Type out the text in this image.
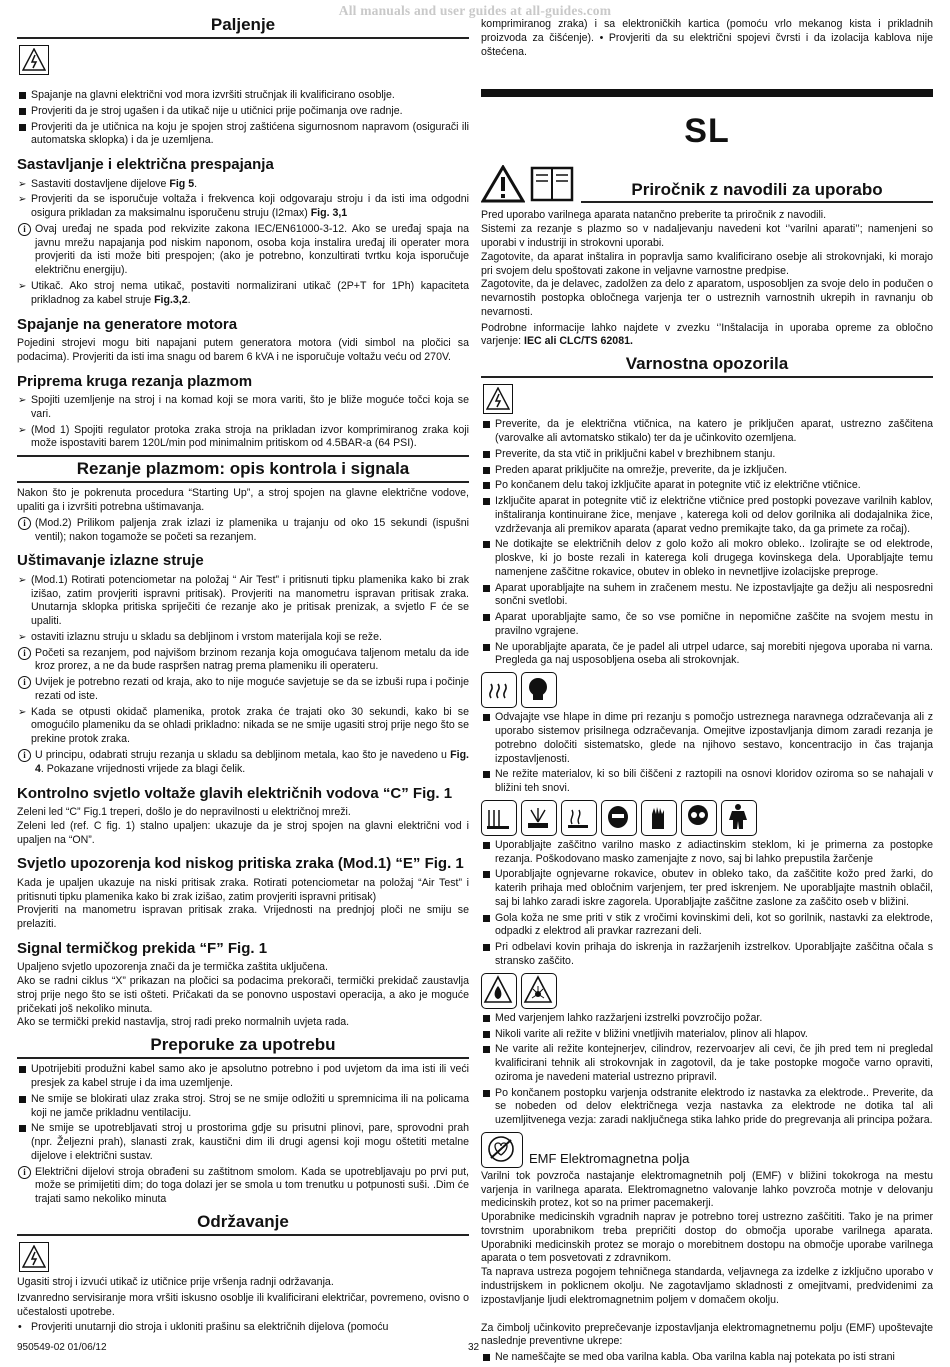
All manuals and user guides at all-guides.com
Paljenje
Spajanje na glavni električni vod mora izvršiti stručnjak ili kvalificirano osoblje.
Provjeriti da je stroj ugašen i da utikač nije u utičnici prije počimanja ove radnje.
Provjeriti da je utičnica na koju je spojen stroj zaštićena sigurnosnom napravom (osigurači ili automatska sklopka) i da je uzemljena.
Sastavljanje i električna prespajanja
➢
Sastaviti dostavljene dijelove Fig 5.
➢
Provjeriti da se isporučuje voltaža i frekvenca koji odgovaraju stroju i da isti ima odgodni osigura prikladan za maksimalnu isporučenu struju (I2max) Fig. 3,1
Ovaj uređaj ne spada pod rekvizite zakona IEC/EN61000-3-12. Ako se uređaj spaja na javnu mrežu napajanja pod niskim naponom, osoba koja instalira uređaj ili operater mora provjeriti da isti može biti prespojen; (ako je potrebno, konzultirati tvrtku koja isporučuje električnu energiju).
➢
Utikač. Ako stroj nema utikač, postaviti normalizirani utikač (2P+T for 1Ph) kapaciteta prikladnog za kabel struje Fig.3,2.
Spajanje na generatore motora
Pojedini strojevi mogu biti napajani putem generatora motora (vidi simbol na pločici sa podacima). Provjeriti da isti ima snagu od barem 6 kVA i ne isporučuje voltažu veću od 270V.
Priprema kruga rezanja plazmom
➢
Spojiti uzemljenje na stroj i na komad koji se mora variti, što je bliže moguće točci koja se vari.
➢
(Mod 1) Spojiti regulator protoka zraka stroja na prikladan izvor komprimiranog zraka koji može ispostaviti barem 120L/min pod minimalnim pritiskom od 4.5BAR-a (64 PSI).
Rezanje plazmom: opis kontrola i signala
Nakon što je pokrenuta procedura “Starting Up”, a stroj spojen na glavne električne vodove, upaliti ga i izvršiti potrebna uštimavanja.
(Mod.2) Prilikom paljenja zrak izlazi iz plamenika u trajanju od oko 15 sekundi (ispušni ventil); nakon togamože se početi sa rezanjem.
Uštimavanje izlazne struje
➢
(Mod.1) Rotirati potenciometar na položaj “ Air Test” i pritisnuti tipku plamenika kako bi zrak izišao, zatim provjeriti ispravni pritisak). Provjeriti na manometru ispravan pritisak zraka. Unutarnja sklopka pritiska spriječiti će rezanje ako je pritisak prenizak, a svjetlo F će se upaliti.
➢
ostaviti izlaznu struju u skladu sa debljinom i vrstom materijala koji se reže.
Početi sa rezanjem, pod najvišom brzinom rezanja koja omogućava taljenom metalu da ide kroz prorez, a ne da bude raspršen natrag prema plameniku ili operateru.
Uvijek je potrebno rezati od kraja, ako to nije moguće savjetuje se da se izbuši rupa i počinje rezati od iste.
➢
Kada se otpusti okidač plamenika, protok zraka će trajati oko 30 sekundi, kako bi se omogućilo plameniku da se ohladi prikladno: nikada se ne smije ugasiti stroj prije nego što se prekine protok zraka.
U principu, odabrati struju rezanja u skladu sa debljinom metala, kao što je navedeno u Fig. 4. Pokazane vrijednosti vrijede za blagi čelik.
Kontrolno svjetlo voltaže glavih električnih vodova “C” Fig. 1
Zeleni led “C” Fig.1 treperi, došlo je do nepravilnosti u električnoj mreži.
Zeleni led (ref. C fig. 1) stalno upaljen: ukazuje da je stroj spojen na glavni električni vod i upaljen na “ON”.
Svjetlo upozorenja kod niskog pritiska zraka (Mod.1) “E” Fig. 1
Kada je upaljen ukazuje na niski pritisak zraka. Rotirati potenciometar na položaj “Air Test” i pritisnuti tipku plamenika kako bi zrak izišao, zatim provjeriti ispravni pritisak)
Provjeriti na manometru ispravan pritisak zraka. Vrijednosti na prednjoj ploči ne smiju se prelaziti.
Signal termičkog prekida “F” Fig. 1
Upaljeno svjetlo upozorenja znači da je termička zaštita uključena.
Ako se radni ciklus “X” prikazan na pločici sa podacima prekorači, termički prekidač zaustavlja stroj prije nego što se isti ošteti. Pričakati da se ponovno uspostavi operacija, a ako je moguće pričekati još nekoliko minuta.
Ako se termički prekid nastavlja, stroj radi preko normalnih uvjeta rada.
Preporuke za upotrebu
Upotrijebiti produžni kabel samo ako je apsolutno potrebno i pod uvjetom da ima isti ili veći presjek za kabel struje i da ima uzemljenje.
Ne smije se blokirati ulaz zraka stroj. Stroj se ne smije odložiti u spremnicima ili na policama koji ne jamče prikladnu ventilaciju.
Ne smije se upotrebljavati stroj u prostorima gdje su prisutni plinovi, pare, sprovodni prah (npr. Željezni prah), slanasti zrak, kaustični dim ili drugi agensi koji mogu oštetiti metalne dijelove i električni sustav.
Električni dijelovi stroja obrađeni su zaštitnom smolom. Kada se upotrebljavaju po prvi put, može se primijetiti dim; do toga dolazi jer se smola u tom trenutku u potpunosti suši. .Dim će trajati samo nekoliko minuta
Održavanje
Ugasiti stroj i izvući utikač iz utičnice prije vršenja radnji održavanja.
Izvanredno servisiranje mora vršiti iskusno osoblje ili kvalificirani električar, povremeno, ovisno o učestalosti upotrebe.
•
Provjeriti unutarnji dio stroja i ukloniti prašinu sa električnih dijelova (pomoću
komprimiranog zraka) i sa elektroničkih kartica (pomoću vrlo mekanog kista i prikladnih proizvoda za čišćenje). • Provjeriti da su električni spojevi čvrsti i da izolacija kablova nije oštećena.
SL
Priročnik z navodili za uporabo
Pred uporabo varilnega aparata natančno preberite ta priročnik z navodili.
Sistemi za rezanje s plazmo so v nadaljevanju navedeni kot ‘’varilni aparati’’; namenjeni so uporabi v industriji in strokovni uporabi.
Zagotovite, da aparat inštalira in popravlja samo kvalificirano osebje ali strokovnjaki, ki morajo pri svojem delu spoštovati zakone in veljavne varnostne predpise.
Zagotovite, da je delavec, zadolžen za delo z aparatom, usposobljen za svoje delo in podučen o nevarnostih postopka obločnega varjenja ter o ustreznih varnostnih ukrepih in ravnanju ob nevarnosti.
Podrobne informacije lahko najdete v zvezku ‘’Inštalacija in uporaba opreme za obločno varjenje: IEC ali CLC/TS 62081.
Varnostna opozorila
Preverite, da je električna vtičnica, na katero je priključen aparat, ustrezno zaščitena (varovalke ali avtomatsko stikalo) ter da je učinkovito ozemljena.
Preverite, da sta vtič in priključni kabel v brezhibnem stanju.
Preden aparat priključite na omrežje, preverite, da je izključen.
Po končanem delu takoj izključite aparat in potegnite vtič iz električne vtičnice.
Izključite aparat in potegnite vtič iz električne vtičnice pred postopki povezave varilnih kablov, inštaliranja kontinuirane žice, menjave , katerega koli od delov gorilnika ali dodajalnika žice, vzdrževanja ali premikov aparata (aparat vedno premikajte tako, da ga primete za ročaj).
Ne dotikajte se električnih delov z golo kožo ali mokro obleko.. Izolirajte se od elektrode, ploskve, ki jo boste rezali in katerega koli drugega kovinskega dela. Uporabljajte temu namenjene zaščitne rokavice, obutev in obleko in nevnetljive izolacijske preproge.
Aparat uporabljajte na suhem in zračenem mestu. Ne izpostavljajte ga dežju ali nesposredni sončni svetlobi.
Aparat uporabljajte samo, če so vse pomične in nepomične zaščite na svojem mestu in pravilno vgrajene.
Ne uporabljajte aparata, če je padel ali utrpel udarce, saj morebiti njegova uporaba ni varna. Pregleda ga naj usposobljena oseba ali strokovnjak.
Odvajajte vse hlape in dime pri rezanju s pomočjo ustreznega naravnega odzračevanja ali z uporabo sistemov prisilnega odzračevanja. Omejitve izpostavljanja dimom zaradi rezanja je potrebno določiti sistematsko, glede na njihovo sestavo, koncentracijo in čas trajanja izpostavljenosti.
Ne režite materialov, ki so bili čiščeni z raztopili na osnovi kloridov oziroma so se nahajali v bližini teh snovi.
Uporabljajte zaščitno varilno masko z adiactinskim steklom, ki je primerna za postopke rezanja. Poškodovano masko zamenjajte z novo, saj bi lahko prepustila žarčenje
Uporabljajte ognjevarne rokavice, obutev in obleko tako, da zaščitite kožo pred žarki, do katerih prihaja med obločnim varjenjem, ter pred iskrenjem. Ne uporabljajte mastnih oblačil, saj bi lahko zaradi iskre zagorela. Uporabljajte zaščitne zaslone za zaščito oseb v bližini.
Gola koža ne sme priti v stik z vročimi kovinskimi deli, kot so gorilnik, nastavki za elektrode, odpadki z elektrod ali pravkar razrezani deli.
Pri odbelavi kovin prihaja do iskrenja in razžarjenih izstrelkov. Uporabljajte zaščitna očala s stransko zaščito.
Med varjenjem lahko razžarjeni izstrelki povzročijo požar.
Nikoli varite ali režite v bližini vnetljivih materialov, plinov ali hlapov.
Ne varite ali režite kontejnerjev, cilindrov, rezervoarjev ali cevi, če jih pred tem ni pregledal kvalificirani tehnik ali strokovnjak in zagotovil, da je take postopke mogoče varno opraviti, oziroma je navedeni material ustrezno pripravil.
Po končanem postopku varjenja odstranite elektrodo iz nastavka za elektrode.. Preverite, da se nobeden od delov električnega vezja nastavka za elektrode ne dotika tal ali uzemljitvenega vezja: zaradi naključnega stika lahko pride do pregrevanja ali principa požara.
EMF Elektromagnetna polja
Varilni tok povzroča nastajanje elektromagnetnih polj (EMF) v bližini tokokroga na mestu varjenja in varilnega aparata. Elektromagnetno valovanje lahko povzroča motnje v delovanju medicinskih protez, kot so na primer pacemakerji.
Uporabnike medicinskih vgradnih naprav je potrebno torej ustrezno zaščititi. Tako je na primer tovrstnim uporabnikom treba prepričiti dostop do območja uporabe varilnega aparata. Uporabniki medicinskih protez se morajo o morebitnem dostopu na območje uporabe varilnega aparata o tem posvetovati z zdravnikom.
Ta naprava ustreza pogojem tehničnega standarda, veljavnega za izdelke z izključno uporabo v industrijskem in poklicnem okolju. Ne zagotavljamo skladnosti z omejitvami, predvidenimi za izpostavljanje ljudi elektromagnetnim poljem v domačem okolju.
Za čimbolj učinkovito preprečevanje izpostavljanja elektromagnetnemu polju (EMF) upoštevajte naslednje preventivne ukrepe:
Ne nameščajte se med oba varilna kabla. Oba varilna kabla naj potekata po isti strani
950549-02 01/06/12	32
